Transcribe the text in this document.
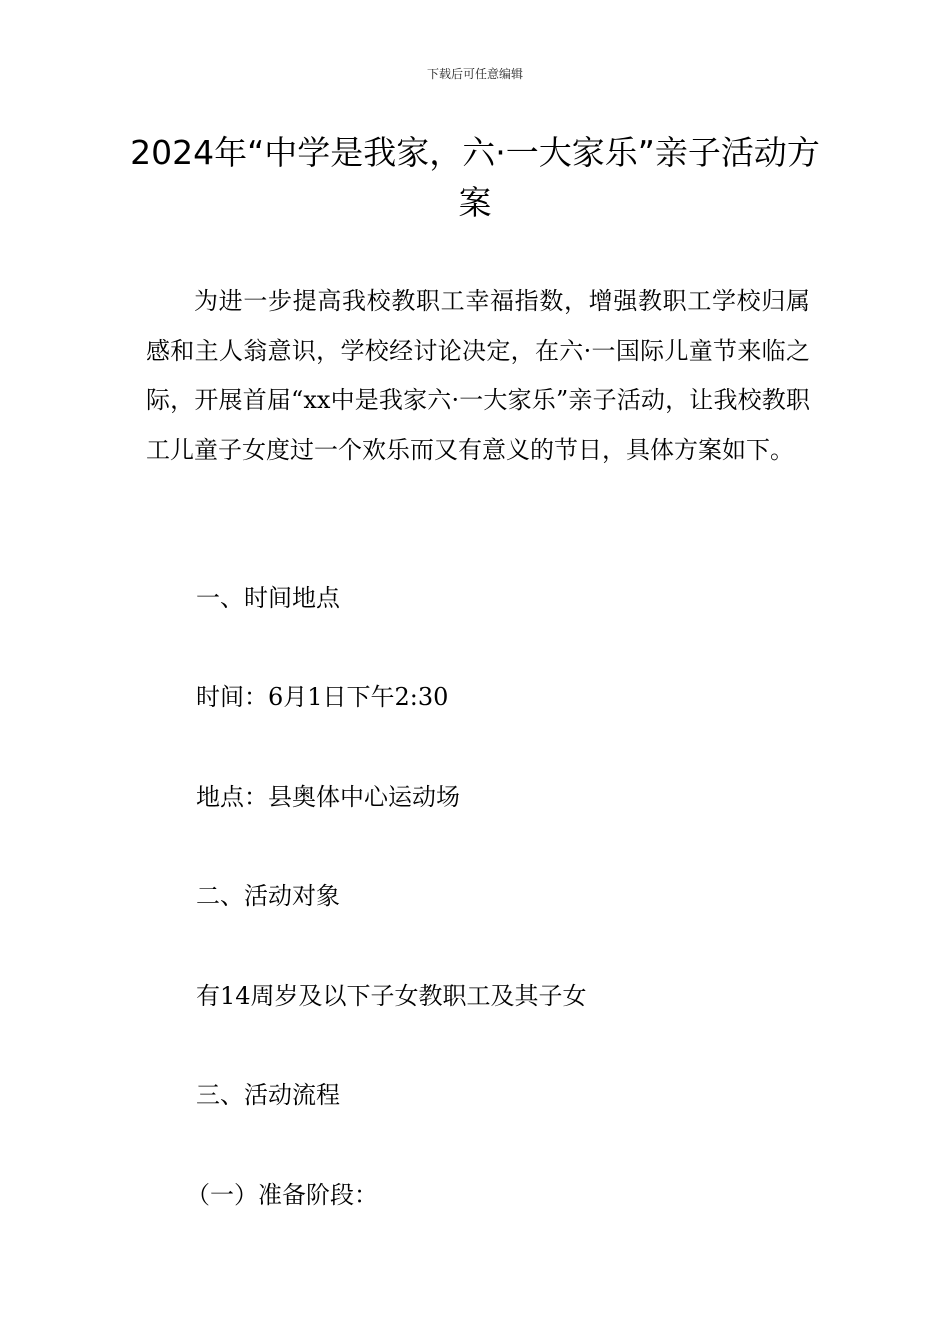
下载后可任意编辑
2024年“中学是我家，六·一大家乐”亲子活动方案

为进一步提高我校教职工幸福指数，增强教职工学校归属感和主人翁意识，学校经讨论决定，在六·一国际儿童节来临之际，开展首届“xx中是我家六·一大家乐”亲子活动，让我校教职工儿童子女度过一个欢乐而又有意义的节日，具体方案如下。

一、时间地点

时间：6月1日下午2:30

地点：县奥体中心运动场

二、活动对象

有14周岁及以下子女教职工及其子女

三、活动流程

（一）准备阶段：
